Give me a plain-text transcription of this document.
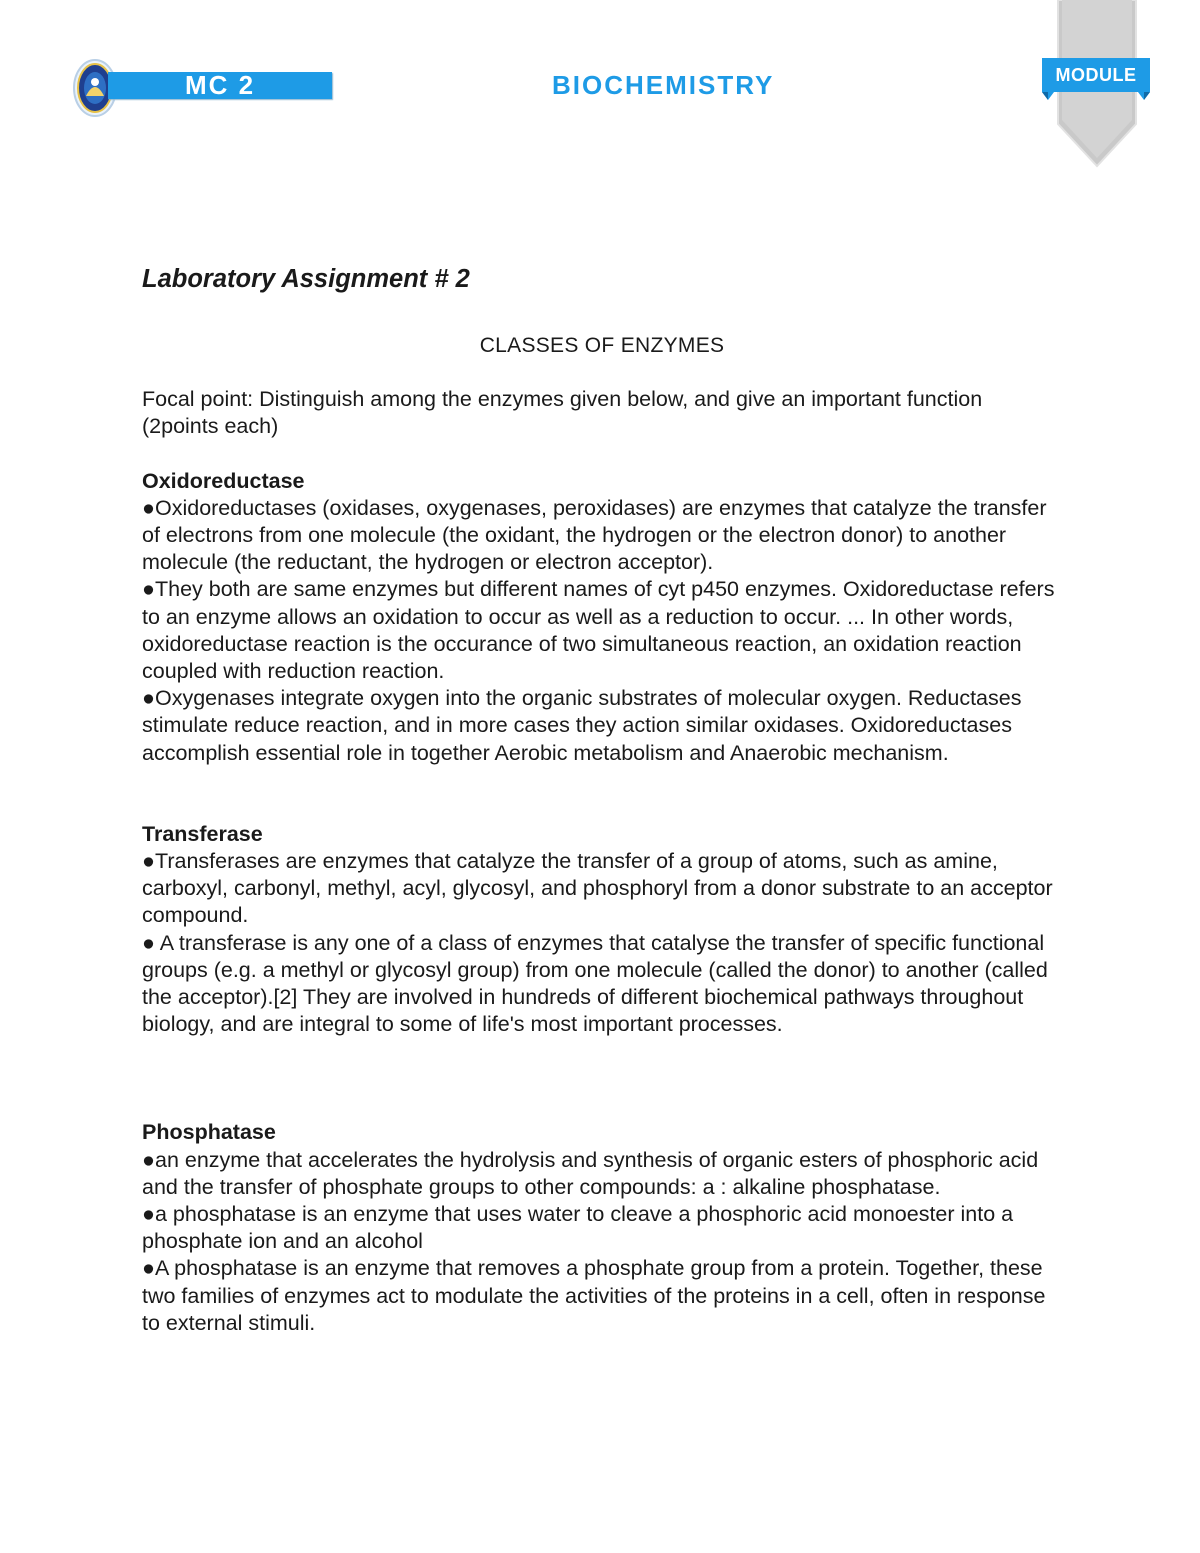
MC 2	BIOCHEMISTRY	MODULE
Laboratory Assignment # 2
CLASSES OF ENZYMES
Focal point: Distinguish among the enzymes given below, and give an important function (2points each)
Oxidoreductase

●Oxidoreductases (oxidases, oxygenases, peroxidases) are enzymes that catalyze the transfer of electrons from one molecule (the oxidant, the hydrogen or the electron donor) to another molecule (the reductant, the hydrogen or electron acceptor).

●They both are same enzymes but different names of cyt p450 enzymes. Oxidoreductase refers to an enzyme allows an oxidation to occur as well as a reduction to occur. ... In other words, oxidoreductase reaction is the occurance of two simultaneous reaction, an oxidation reaction coupled with reduction reaction.

●Oxygenases integrate oxygen into the organic substrates of molecular oxygen. Reductases stimulate reduce reaction, and in more cases they action similar oxidases. Oxidoreductases accomplish essential role in together Aerobic metabolism and Anaerobic mechanism.

Transferase

●Transferases are enzymes that catalyze the transfer of a group of atoms, such as amine, carboxyl, carbonyl, methyl, acyl, glycosyl, and phosphoryl from a donor substrate to an acceptor compound.

● A transferase is any one of a class of enzymes that catalyse the transfer of specific functional groups (e.g. a methyl or glycosyl group) from one molecule (called the donor) to another (called the acceptor).[2] They are involved in hundreds of different biochemical pathways throughout biology, and are integral to some of life's most important processes.

Phosphatase

●an enzyme that accelerates the hydrolysis and synthesis of organic esters of phosphoric acid and the transfer of phosphate groups to other compounds: a : alkaline phosphatase.

●a phosphatase is an enzyme that uses water to cleave a phosphoric acid monoester into a phosphate ion and an alcohol

●A phosphatase is an enzyme that removes a phosphate group from a protein. Together, these two families of enzymes act to modulate the activities of the proteins in a cell, often in response to external stimuli.
